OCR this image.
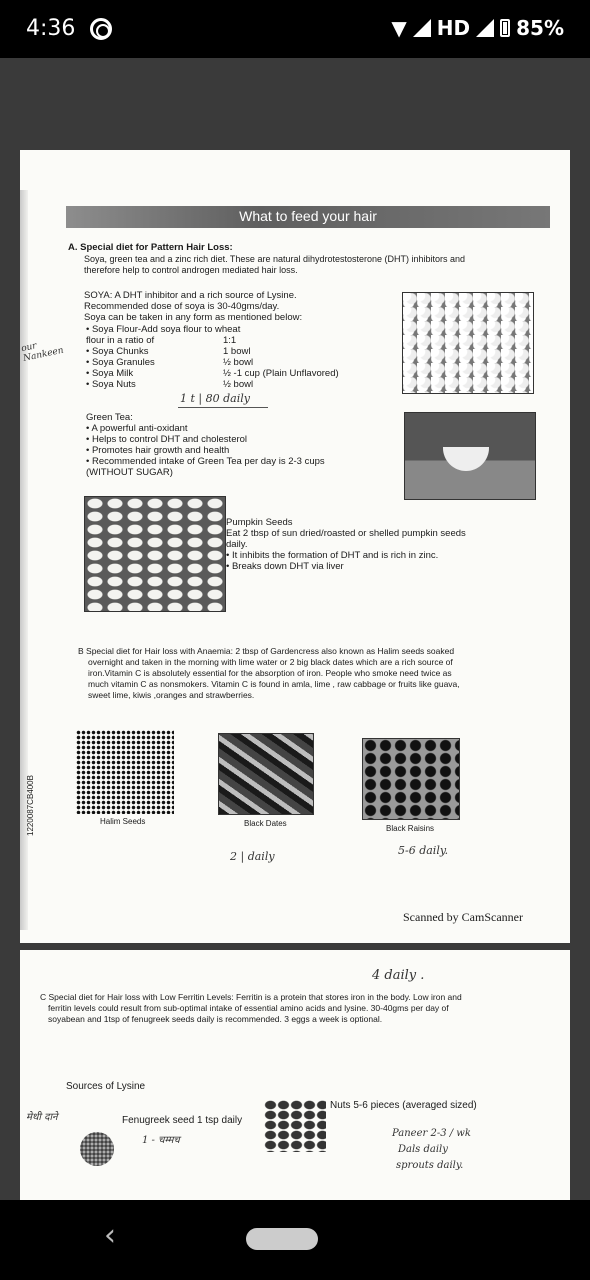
4:36	▼ HD 85%
1220087CB400B
What to feed your hair
A. Special diet for Pattern Hair Loss:
Soya, green tea and a zinc rich diet. These are natural dihydrotestosterone (DHT) inhibitors and
therefore help to control androgen mediated hair loss.
SOYA: A DHT inhibitor and a rich source of Lysine.
Recommended dose of soya is 30-40gms/day.
Soya can be taken in any form as mentioned below:
• Soya Flour-Add soya flour to wheat
flour in a ratio of	1:1
• Soya Chunks	1 bowl
• Soya Granules	½ bowl
• Soya Milk	½ -1 cup (Plain Unflavored)
• Soya Nuts	½ bowl
our Nankeen
1 t | 80 daily
Green Tea:
• A powerful anti-oxidant
• Helps to control DHT and cholesterol
• Promotes hair growth and health
• Recommended intake of Green Tea per day is 2-3 cups
(WITHOUT SUGAR)
Pumpkin Seeds
Eat 2 tbsp of sun dried/roasted or shelled pumpkin seeds
daily.
• It inhibits the formation of DHT and is rich in zinc.
• Breaks down DHT via liver
B Special diet for Hair loss with Anaemia: 2 tbsp of Gardencress also known as Halim seeds soaked
overnight and taken in the morning with lime water or 2 big black dates which are a rich source of
iron.Vitamin C is absolutely essential for the absorption of iron. People who smoke need twice as
much vitamin C as nonsmokers. Vitamin C is found in amla, lime , raw cabbage or fruits like guava,
sweet lime, kiwis ,oranges and strawberries.
Halim Seeds	Black Dates
Black Raisins
2 | daily	5-6 daily.
Scanned by CamScanner
4 daily .
C Special diet for Hair loss with Low Ferritin Levels: Ferritin is a protein that stores iron in the body. Low iron and
ferritin levels could result from sub-optimal intake of essential amino acids and lysine. 30-40gms per day of
soyabean and 1tsp of fenugreek seeds daily is recommended. 3 eggs a week is optional.
Sources of Lysine
मेथी दाने	Fenugreek seed 1 tsp daily
1 - चम्मच
Nuts 5-6 pieces (averaged sized)
Paneer 2-3 / wk
Dals daily
sprouts daily.
‹
